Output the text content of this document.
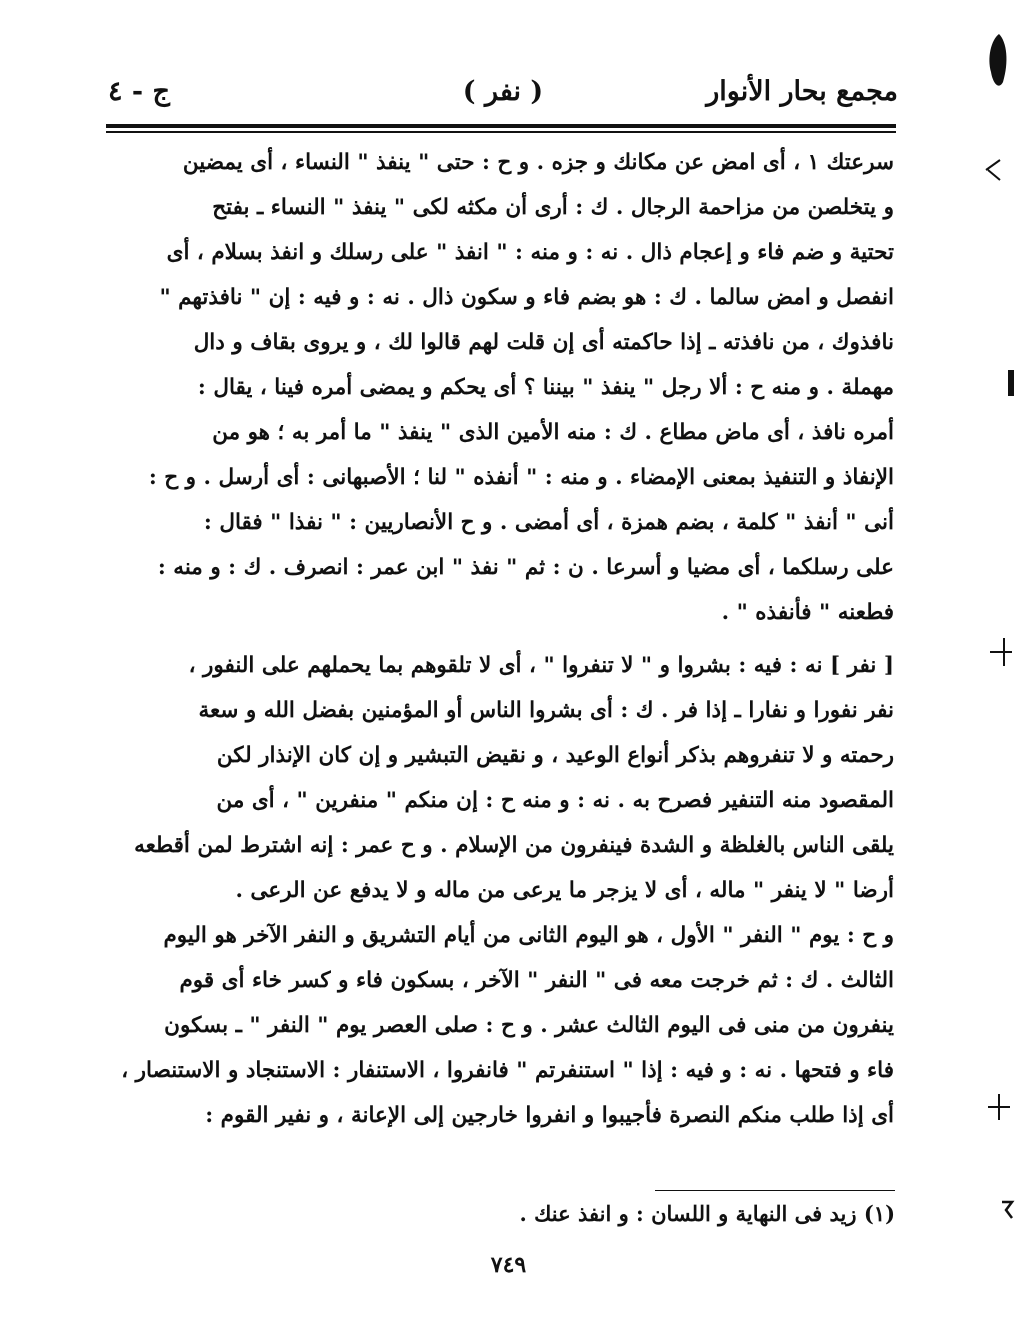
مجمع بحار الأنوار
( نفر )
ج - ٤
سرعتك ١ ، أى امض عن مكانك و جزه . و ح : حتى " ينفذ " النساء ، أى يمضين
و يتخلصن من مزاحمة الرجال . ك : أرى أن مكثه لكى " ينفذ " النساء ـ بفتح
تحتية و ضم فاء و إعجام ذال . نه : و منه : " انفذ " على رسلك و انفذ بسلام ، أى
انفصل و امض سالما . ك : هو بضم فاء و سكون ذال . نه : و فيه : إن " نافذتهم "
نافذوك ، من نافذته ـ إذا حاكمته أى إن قلت لهم قالوا لك ، و يروى بقاف و دال
مهملة . و منه ح : ألا رجل " ينفذ " بيننا ؟ أى يحكم و يمضى أمره فينا ، يقال :
أمره نافذ ، أى ماض مطاع . ك : منه الأمين الذى " ينفذ " ما أمر به ؛ هو من
الإنفاذ و التنفيذ بمعنى الإمضاء . و منه : " أنفذه " لنا ؛ الأصبهانى : أى أرسل . و ح :
أنى " أنفذ " كلمة ، بضم همزة ، أى أمضى . و ح الأنصاريين : " نفذا " فقال :
على رسلكما ، أى مضيا و أسرعا . ن : ثم " نفذ " ابن عمر : انصرف . ك : و منه :
فطعنه " فأنفذه " .
[ نفر ] نه : فيه : بشروا و " لا تنفروا " ، أى لا تلقوهم بما يحملهم على النفور ،
نفر نفورا و نفارا ـ إذا فر . ك : أى بشروا الناس أو المؤمنين بفضل الله و سعة
رحمته و لا تنفروهم بذكر أنواع الوعيد ، و نقيض التبشير و إن كان الإنذار لكن
المقصود منه التنفير فصرح به . نه : و منه ح : إن منكم " منفرين " ، أى من
يلقى الناس بالغلظة و الشدة فينفرون من الإسلام . و ح عمر : إنه اشترط لمن أقطعه
أرضا " لا ينفر " ماله ، أى لا يزجر ما يرعى من ماله و لا يدفع عن الرعى .
و ح : يوم " النفر " الأول ، هو اليوم الثانى من أيام التشريق و النفر الآخر هو اليوم
الثالث . ك : ثم خرجت معه فى " النفر " الآخر ، بسكون فاء و كسر خاء أى قوم
ينفرون من منى فى اليوم الثالث عشر . و ح : صلى العصر يوم " النفر " ـ بسكون
فاء و فتحها . نه : و فيه : إذا " استنفرتم " فانفروا ، الاستنفار : الاستنجاد و الاستنصار ،
أى إذا طلب منكم النصرة فأجيبوا و انفروا خارجين إلى الإعانة ، و نفير القوم :
(١) زيد فى النهاية و اللسان : و انفذ عنك .
٧٤٩
